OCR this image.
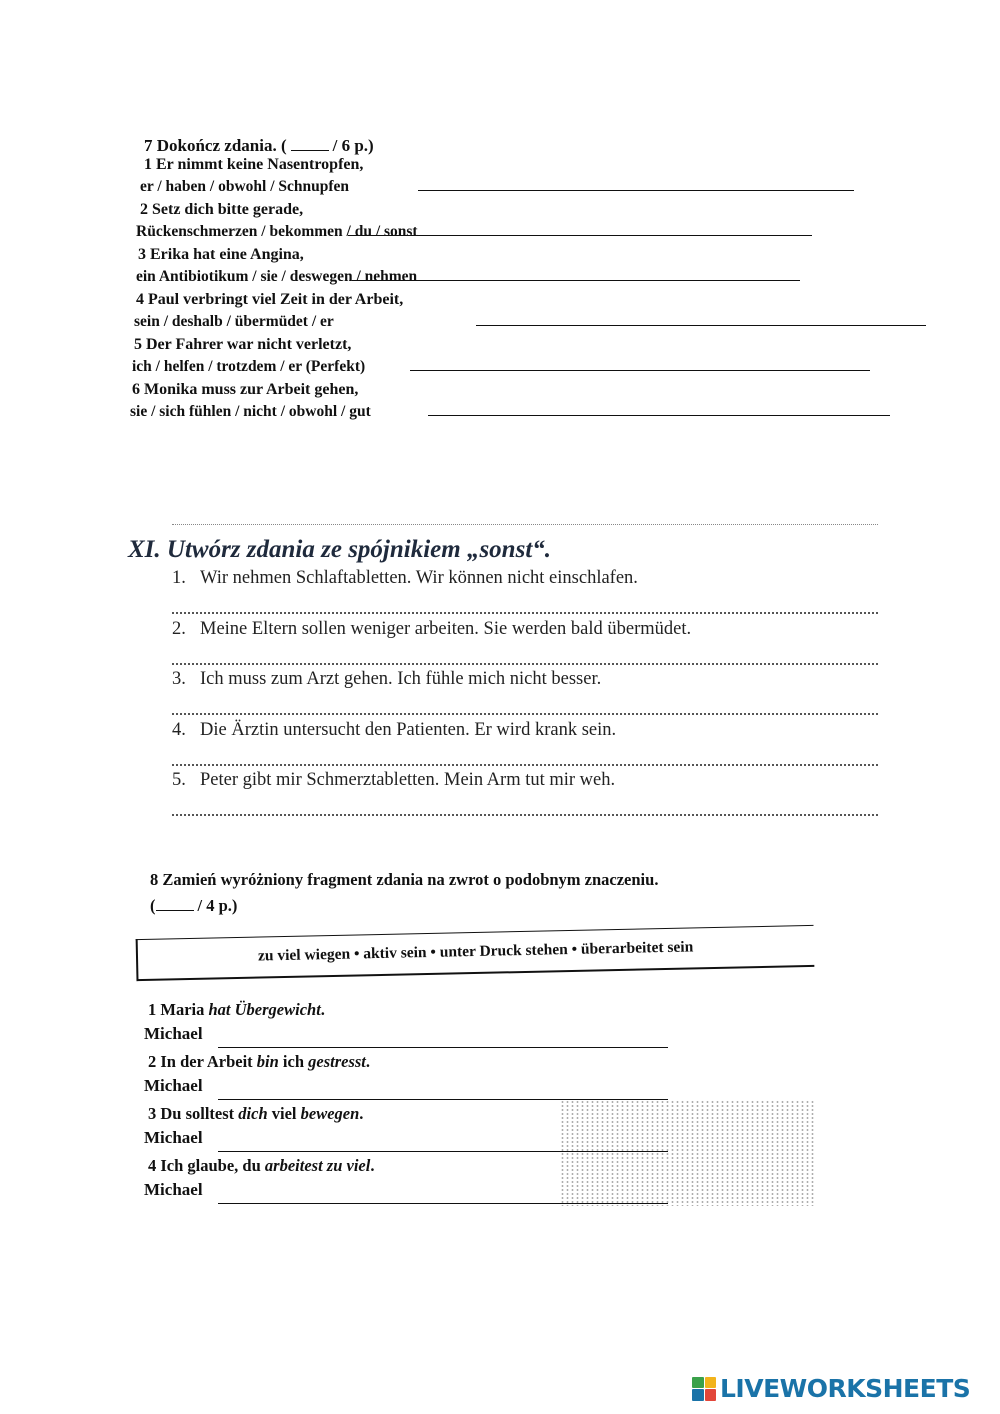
7 Dokończ zdania. (	/ 6 p.)
1 Er nimmt keine Nasentropfen,
er / haben / obwohl / Schnupfen
2 Setz dich bitte gerade,
Rückenschmerzen / bekommen / du / sonst
3 Erika hat eine Angina,
ein Antibiotikum / sie / deswegen / nehmen
4 Paul verbringt viel Zeit in der Arbeit,
sein / deshalb / übermüdet / er
5 Der Fahrer war nicht verletzt,
ich / helfen / trotzdem / er (Perfekt)
6 Monika muss zur Arbeit gehen,
sie / sich fühlen / nicht / obwohl / gut
XI. Utwórz zdania ze spójnikiem „sonst“.
1. Wir nehmen Schlaftabletten. Wir können nicht einschlafen.
2. Meine Eltern sollen weniger arbeiten. Sie werden bald übermüdet.
3. Ich muss zum Arzt gehen. Ich fühle mich nicht besser.
4. Die Ärztin untersucht den Patienten. Er wird krank sein.
5. Peter gibt mir Schmerztabletten. Mein Arm tut mir weh.
8 Zamień wyróżniony fragment zdania na zwrot o podobnym znaczeniu.
(	/ 4 p.)
zu viel wiegen • aktiv sein • unter Druck stehen • überarbeitet sein
1 Maria hat Übergewicht.
Michael
2 In der Arbeit bin ich gestresst.
Michael
3 Du solltest dich viel bewegen.
Michael
4 Ich glaube, du arbeitest zu viel.
Michael
LIVEWORKSHEETS
